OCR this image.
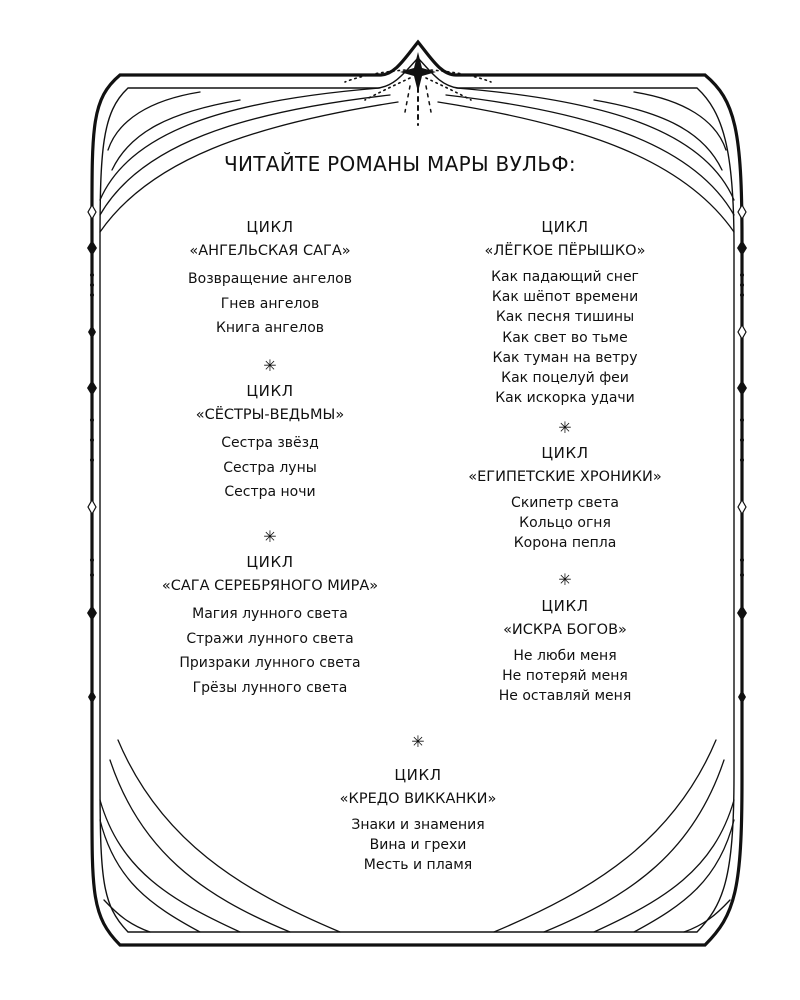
ЧИТАЙТЕ РОМАНЫ МАРЫ ВУЛЬФ:
ЦИКЛ
«АНГЕЛЬСКАЯ САГА»
Возвращение ангелов
Гнев ангелов
Книга ангелов
✳
ЦИКЛ
«СЁСТРЫ-ВЕДЬМЫ»
Сестра звёзд
Сестра луны
Сестра ночи
✳
ЦИКЛ
«САГА СЕРЕБРЯНОГО МИРА»
Магия лунного света
Стражи лунного света
Призраки лунного света
Грёзы лунного света
ЦИКЛ
«ЛЁГКОЕ ПЁРЫШКО»
Как падающий снег
Как шёпот времени
Как песня тишины
Как свет во тьме
Как туман на ветру
Как поцелуй феи
Как искорка удачи
✳
ЦИКЛ
«ЕГИПЕТСКИЕ ХРОНИКИ»
Скипетр света
Кольцо огня
Корона пепла
✳
ЦИКЛ
«ИСКРА БОГОВ»
Не люби меня
Не потеряй меня
Не оставляй меня
✳
ЦИКЛ
«КРЕДО ВИККАНКИ»
Знаки и знамения
Вина и грехи
Месть и пламя
